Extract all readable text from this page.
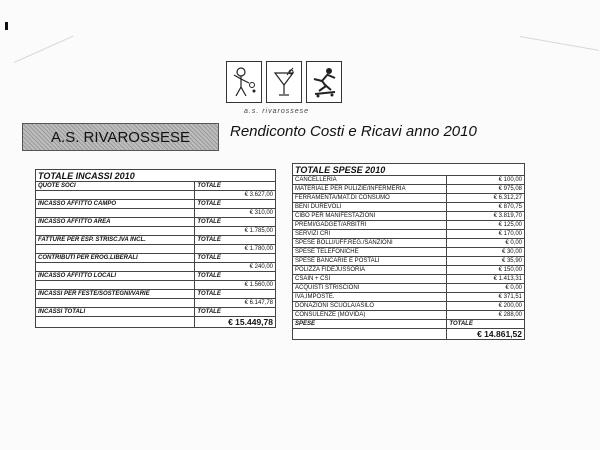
a.s. rivarossese
A.S. RIVAROSSESE	Rendiconto Costi e Ricavi anno 2010
TOTALE INCASSI 2010	
QUOTE SOCI	TOTALE
	€ 3.627,00
INCASSO AFFITTO CAMPO	TOTALE
	€ 310,00
INCASSO AFFITTO AREA	TOTALE
	€ 1.785,00
FATTURE PER ESP. STRISC.IVA INCL.	TOTALE
	€ 1.780,00
CONTRIBUTI PER EROG.LIBERALI	TOTALE
	€ 240,00
INCASSO AFFITTO LOCALI	TOTALE
	€ 1.560,00
INCASSI PER FESTE/SOSTEGNI/VARIE	TOTALE
	€ 6.147,78
INCASSI TOTALI	TOTALE
	€ 15.449,78
TOTALE SPESE 2010	
CANCELLERIA	€ 100,00
MATERIALE PER PULIZIE/INFERMERIA	€ 975,08
FERRAMENTA/MAT.DI CONSUMO	€ 6.312,27
BENI DUREVOLI	€ 870,75
CIBO PER MANIFESTAZIONI	€ 3.819,70
PREMI/GADGET/ARBITRI	€ 125,00
SERVIZI CRI	€ 170,00
SPESE BOLLI/UFF.REG./SANZIONI	€ 0,00
SPESE TELEFONICHE	€ 30,00
SPESE BANCARIE E POSTALI	€ 35,90
POLIZZA FIDEJUSSORIA	€ 150,00
CSAIN + CSI	€ 1.413,31
ACQUISTI STRISCIONI	€ 0,00
IVA,IMPOSTE.	€ 371,51
DONAZIONI SCUOLA/ASILO	€ 200,00
CONSULENZE (MOVIDA)	€ 288,00
SPESE	TOTALE
	€ 14.861,52
